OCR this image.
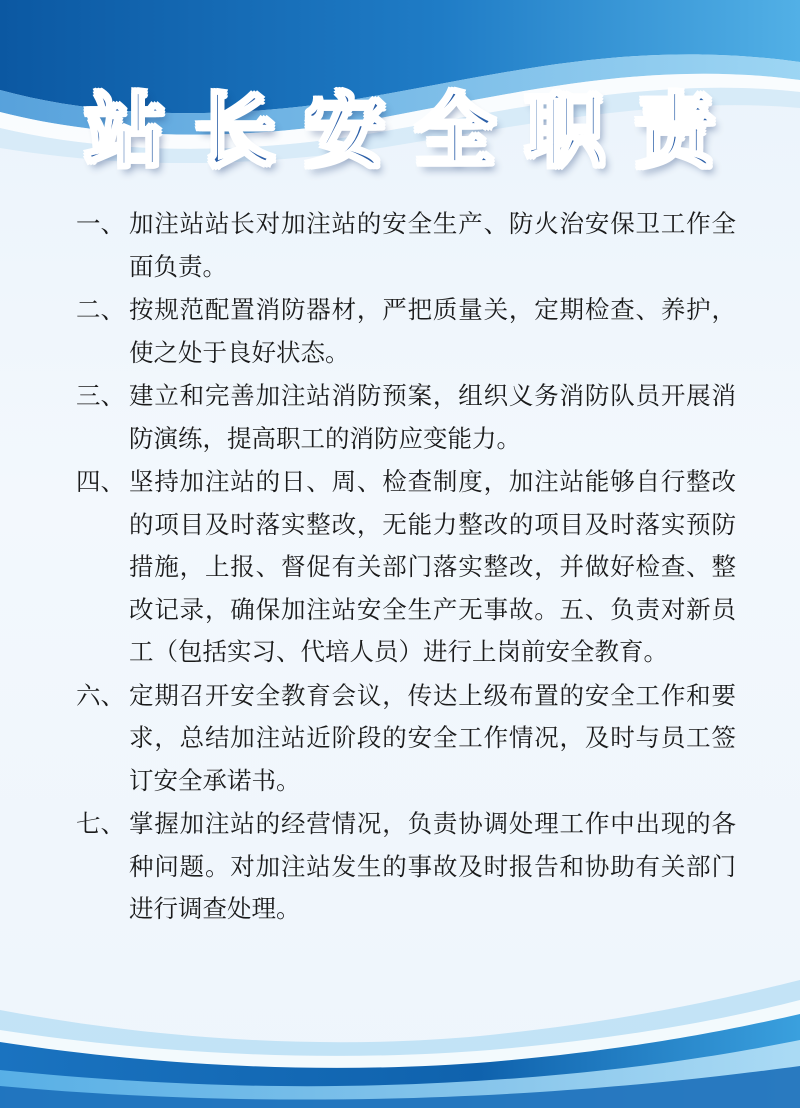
站长安全职责
一、 加注站站长对加注站的安全生产、防火治安保卫工作全面负责。
二、 按规范配置消防器材，严把质量关，定期检查、养护，使之处于良好状态。
三、 建立和完善加注站消防预案，组织义务消防队员开展消防演练，提高职工的消防应变能力。
四、 坚持加注站的日、周、检查制度，加注站能够自行整改的项目及时落实整改，无能力整改的项目及时落实预防措施，上报、督促有关部门落实整改，并做好检查、整改记录，确保加注站安全生产无事故。五、负责对新员工（包括实习、代培人员）进行上岗前安全教育。
六、 定期召开安全教育会议，传达上级布置的安全工作和要求，总结加注站近阶段的安全工作情况，及时与员工签订安全承诺书。
七、 掌握加注站的经营情况，负责协调处理工作中出现的各种问题。对加注站发生的事故及时报告和协助有关部门进行调查处理。
